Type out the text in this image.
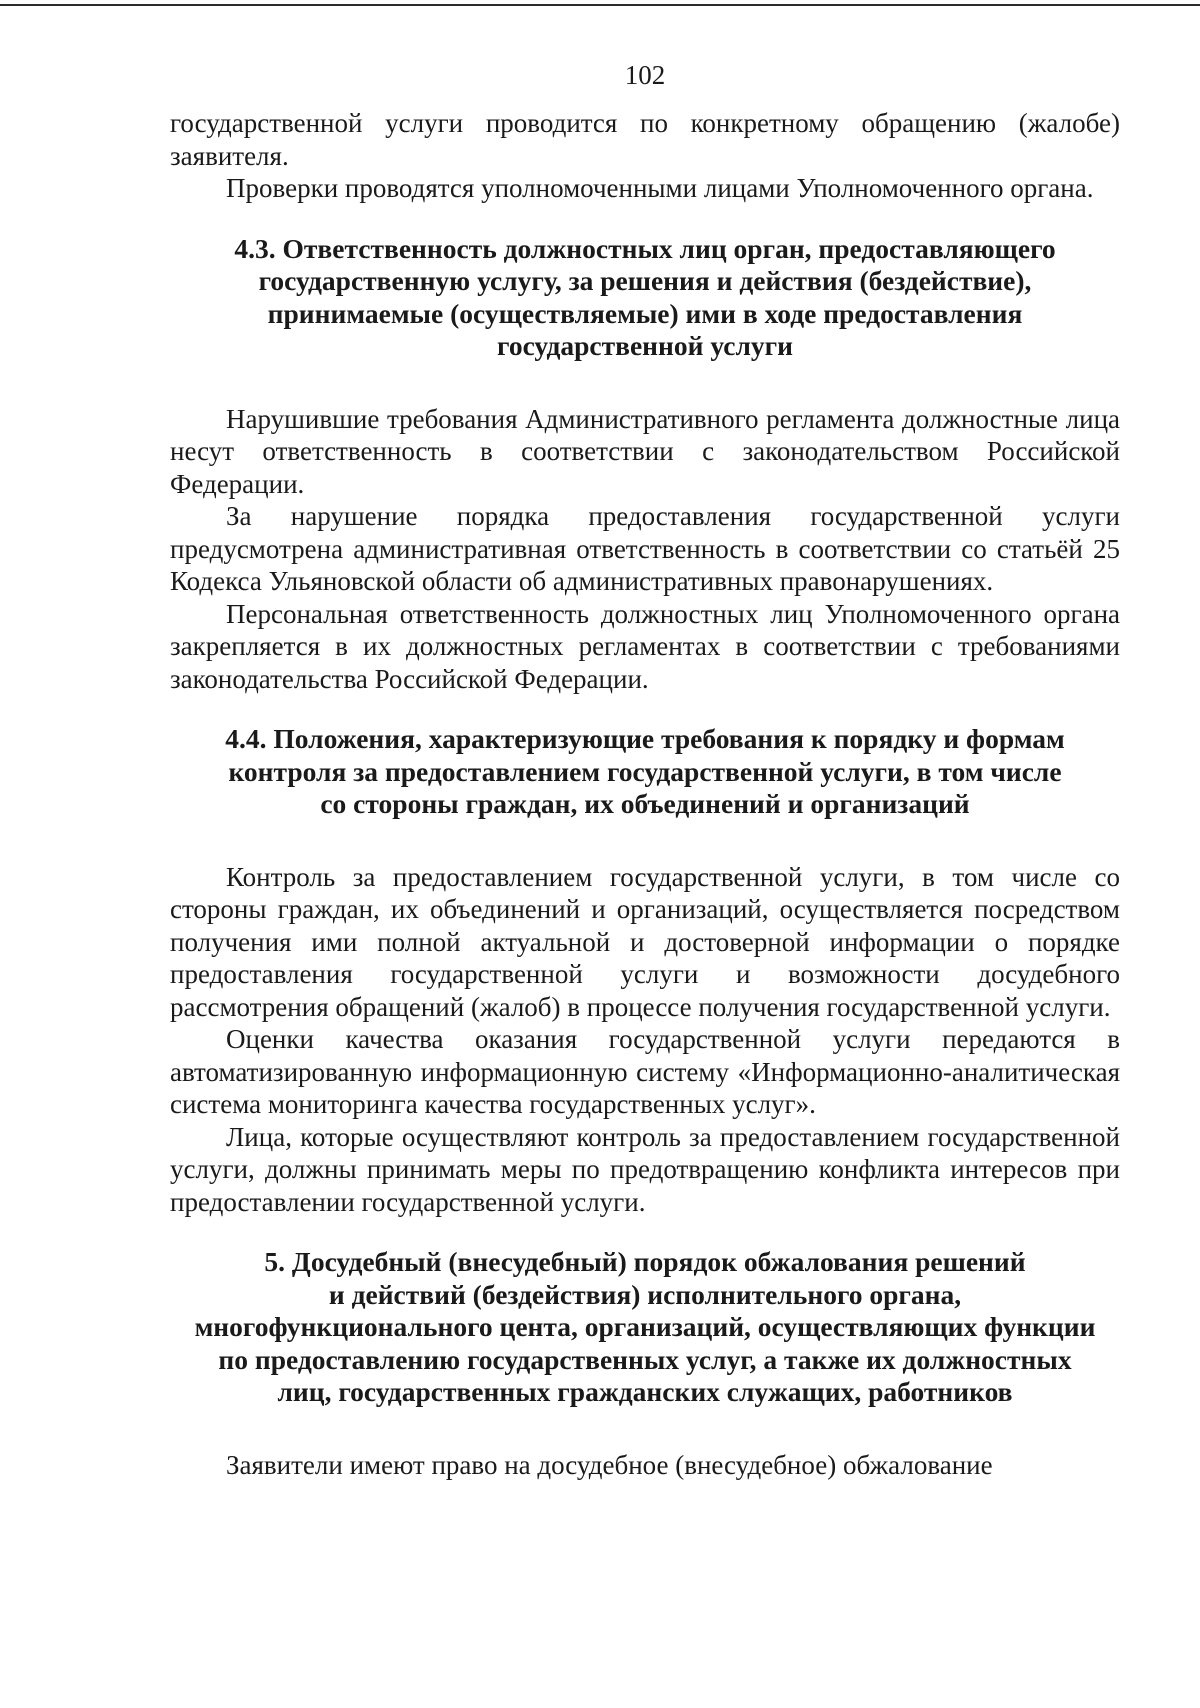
102

государственной услуги проводится по конкретному обращению (жалобе) заявителя.

Проверки проводятся уполномоченными лицами Уполномоченного органа.

4.3. Ответственность должностных лиц орган, предоставляющего
государственную услугу, за решения и действия (бездействие),
принимаемые (осуществляемые) ими в ходе предоставления
государственной услуги

Нарушившие требования Административного регламента должностные лица несут ответственность в соответствии с законодательством Российской Федерации.

За нарушение порядка предоставления государственной услуги предусмотрена административная ответственность в соответствии со статьёй 25 Кодекса Ульяновской области об административных правонарушениях.

Персональная ответственность должностных лиц Уполномоченного органа закрепляется в их должностных регламентах в соответствии с требованиями законодательства Российской Федерации.

4.4. Положения, характеризующие требования к порядку и формам
контроля за предоставлением государственной услуги, в том числе
со стороны граждан, их объединений и организаций

Контроль за предоставлением государственной услуги, в том числе со стороны граждан, их объединений и организаций, осуществляется посредством получения ими полной актуальной и достоверной информации о порядке предоставления государственной услуги и возможности досудебного рассмотрения обращений (жалоб) в процессе получения государственной услуги.

Оценки качества оказания государственной услуги передаются в автоматизированную информационную систему «Информационно-аналитическая система мониторинга качества государственных услуг».

Лица, которые осуществляют контроль за предоставлением государственной услуги, должны принимать меры по предотвращению конфликта интересов при предоставлении государственной услуги.

5. Досудебный (внесудебный) порядок обжалования решений
и действий (бездействия) исполнительного органа,
многофункционального цента, организаций, осуществляющих функции
по предоставлению государственных услуг, а также их должностных
лиц, государственных гражданских служащих, работников

Заявители имеют право на досудебное (внесудебное) обжалование
